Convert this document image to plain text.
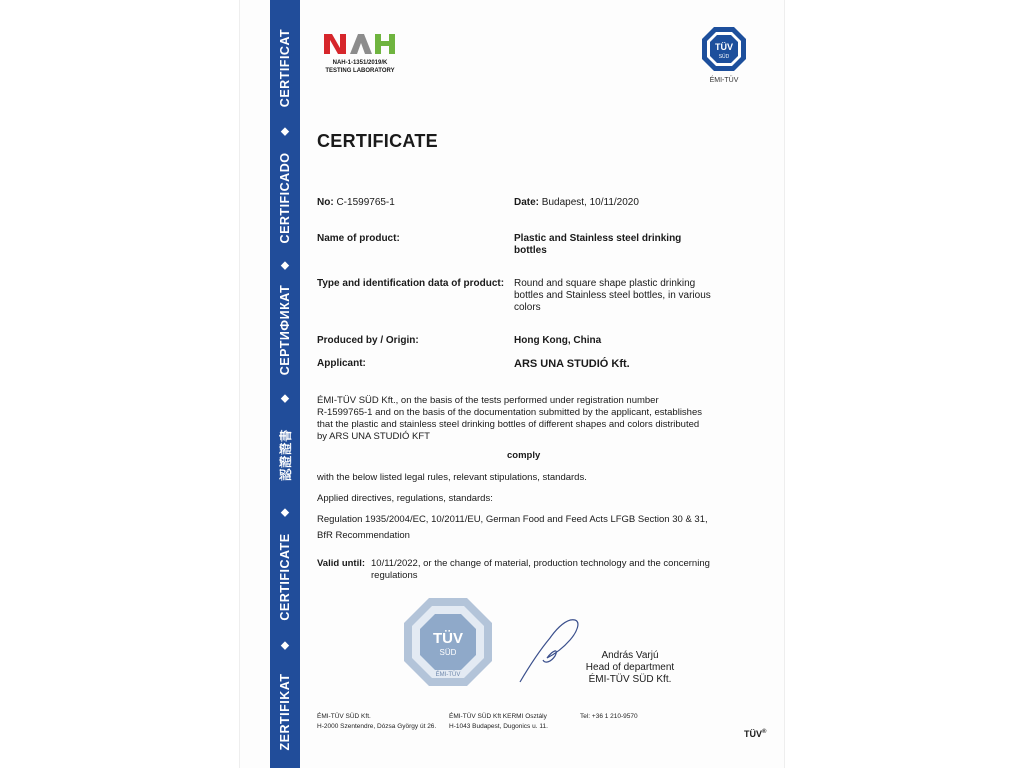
CERTIFICAT
◆
CERTIFICADO
◆
СЕРТИФИКАТ
◆
認證證書
◆
CERTIFICATE
◆
ZERTIFIKAT
NAH-1-1351/2019/K
TESTING LABORATORY
TÜV
SÜD
ÉMI-TÜV
CERTIFICATE
No: C-1599765-1	Date: Budapest, 10/11/2020
Name of product:	Plastic and Stainless steel drinking
bottles
Type and identification data of product: Round and square shape plastic drinking
bottles and Stainless steel bottles, in various
colors
Produced by / Origin:	Hong Kong, China
Applicant:	ARS UNA STUDIÓ Kft.
ÉMI-TÜV SÜD Kft., on the basis of the tests performed under registration number
R-1599765-1 and on the basis of the documentation submitted by the applicant, establishes
that the plastic and stainless steel drinking bottles of different shapes and colors distributed
by ARS UNA STUDIÓ KFT
comply
with the below listed legal rules, relevant stipulations, standards.
Applied directives, regulations, standards:
Regulation 1935/2004/EC, 10/2011/EU, German Food and Feed Acts LFGB Section 30 & 31,
BfR Recommendation
Valid until: 10/11/2022, or the change of material, production technology and the concerning
regulations
TÜV
SÜD
ÉMI-TÜV
András Varjú
Head of department
ÉMI-TÜV SÜD Kft.
ÉMI-TÜV SÜD Kft.
H-2000 Szentendre, Dózsa György út 26.
ÉMI-TÜV SÜD Kft KERMI Osztály
H-1043 Budapest, Dugonics u. 11.
Tel: +36 1 210-9570
TÜV®
